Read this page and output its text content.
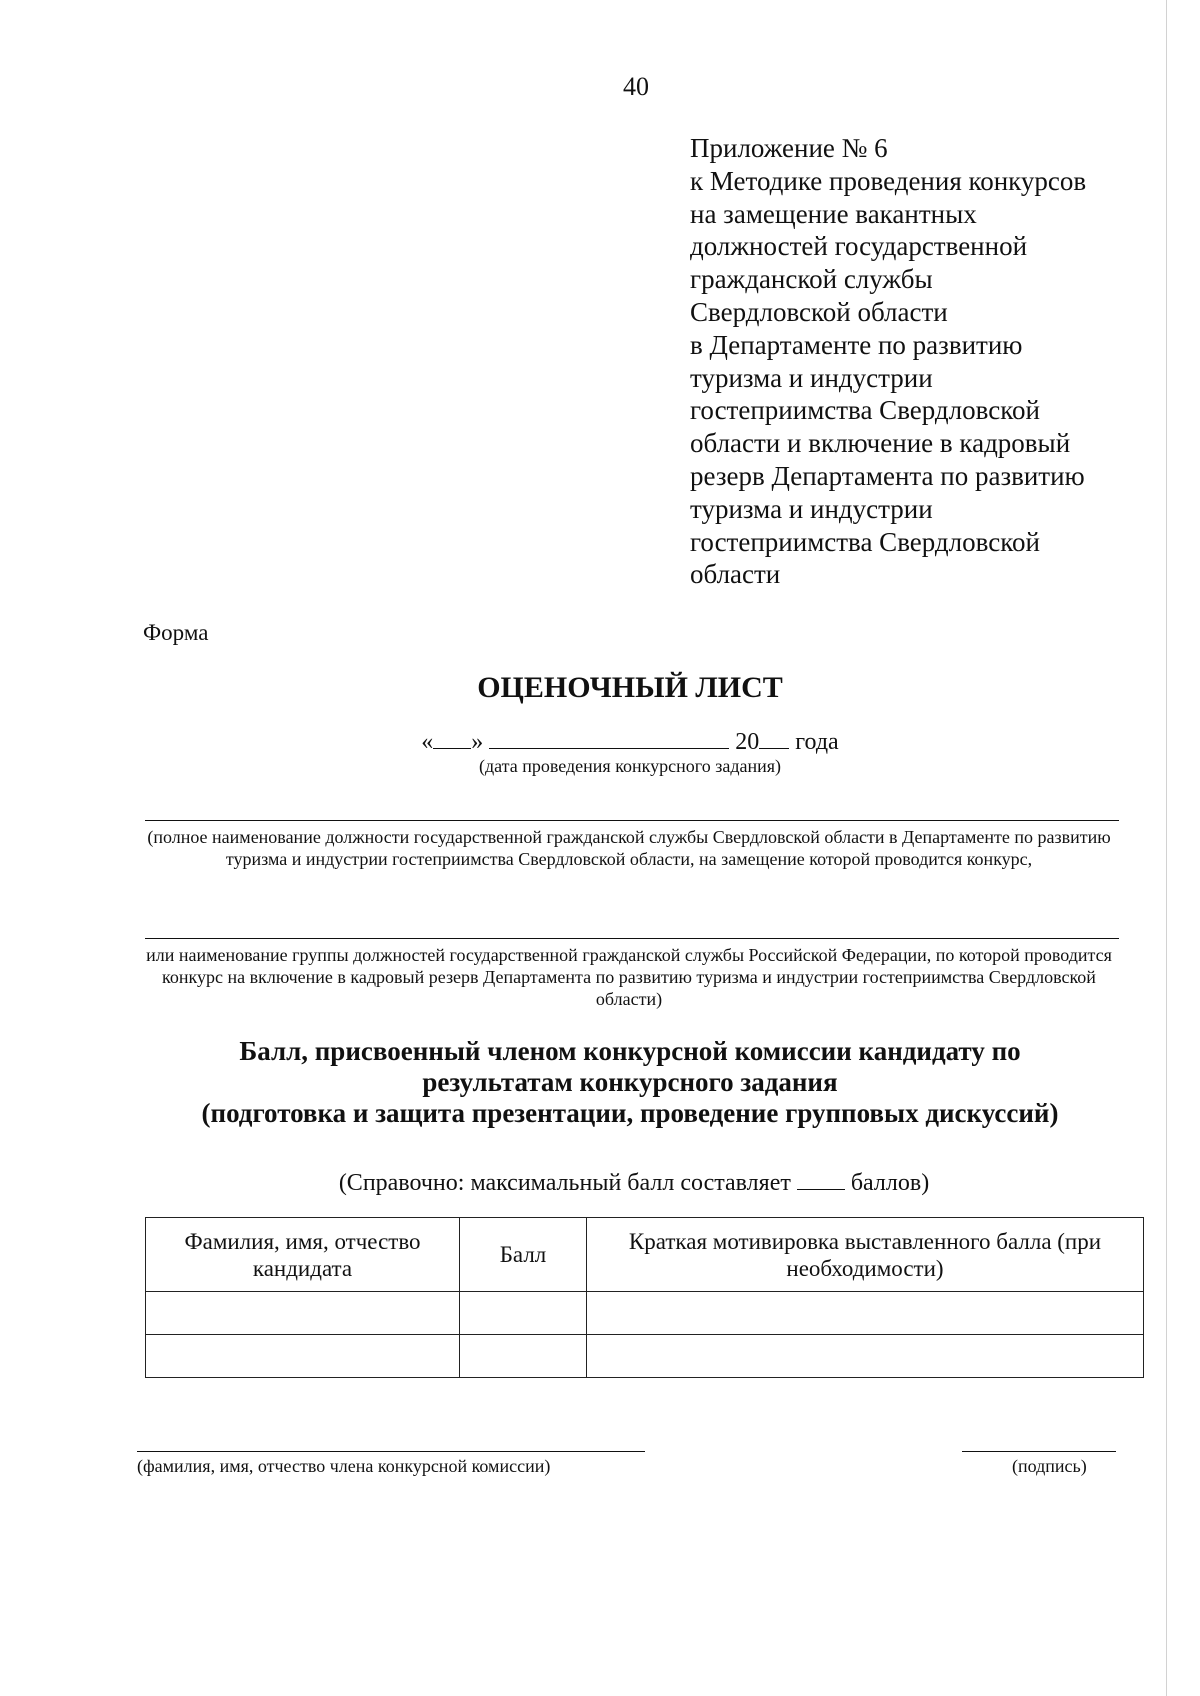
40
Приложение № 6
к Методике проведения конкурсов
на замещение вакантных
должностей государственной
гражданской службы
Свердловской области
в Департаменте по развитию
туризма и индустрии
гостеприимства Свердловской
области и включение в кадровый
резерв Департамента по развитию
туризма и индустрии
гостеприимства Свердловской
области
Форма
ОЦЕНОЧНЫЙ ЛИСТ
« »	20 года
(дата проведения конкурсного задания)
(полное наименование должности государственной гражданской службы Свердловской области в Департаменте по развитию туризма и индустрии гостеприимства Свердловской области, на замещение которой проводится конкурс,
или наименование группы должностей государственной гражданской службы Российской Федерации, по которой проводится конкурс на включение в кадровый резерв Департамента по развитию туризма и индустрии гостеприимства Свердловской области)
Балл, присвоенный членом конкурсной комиссии кандидату по
результатам конкурсного задания
(подготовка и защита презентации, проведение групповых дискуссий)
(Справочно: максимальный балл составляет	баллов)
Фамилия, имя, отчество кандидата	Балл	Краткая мотивировка выставленного балла (при необходимости)

(фамилия, имя, отчество члена конкурсной комиссии)	(подпись)
